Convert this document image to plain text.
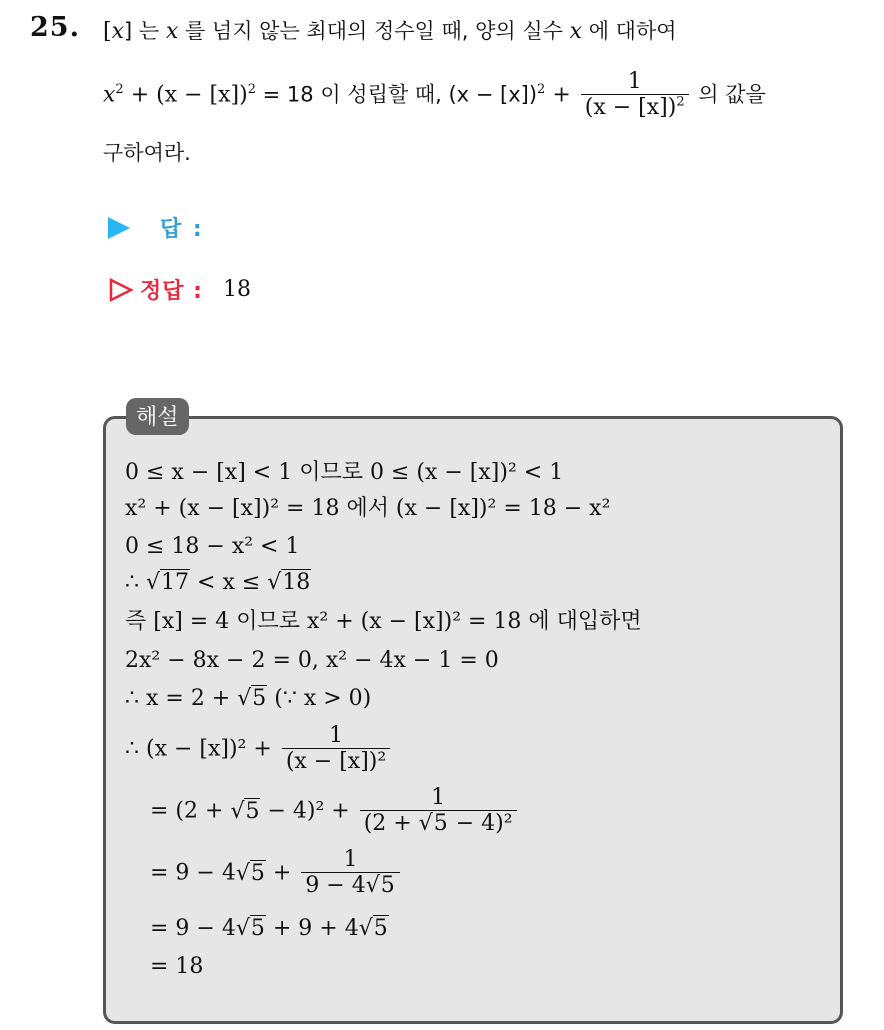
25. [x] 는 x 를 넘지 않는 최대의 정수일 때, 양의 실수 x 에 대하여
$x^2 + (x - [x])^2 = 18$ 이 성립할 때, $(x - [x])^2 + \frac{1}{(x - [x])^2}$ 의 값을
구하여라.
답 :
정답 : 18
해설
0 ≤ x − [x] < 1 이므로 0 ≤ (x − [x])² < 1
x² + (x − [x])² = 18 에서 (x − [x])² = 18 − x²
0 ≤ 18 − x² < 1
∴ √17 < x ≤ √18
즉 [x] = 4 이므로 x² + (x − [x])² = 18 에 대입하면
2x² − 8x − 2 = 0, x² − 4x − 1 = 0
∴ x = 2 + √5 (∵ x > 0)
∴ $(x - [x])^2 + \frac{1}{\text{(x − [x])²}}$
= $(2 + √5 - 4)^2 + \frac{1}{\text{(2 + √5 − 4)²}}$
= $9 - 4√5 + \frac{1}{9 - 4√5}$
= 9 − 4√5 + 9 + 4√5
= 18
